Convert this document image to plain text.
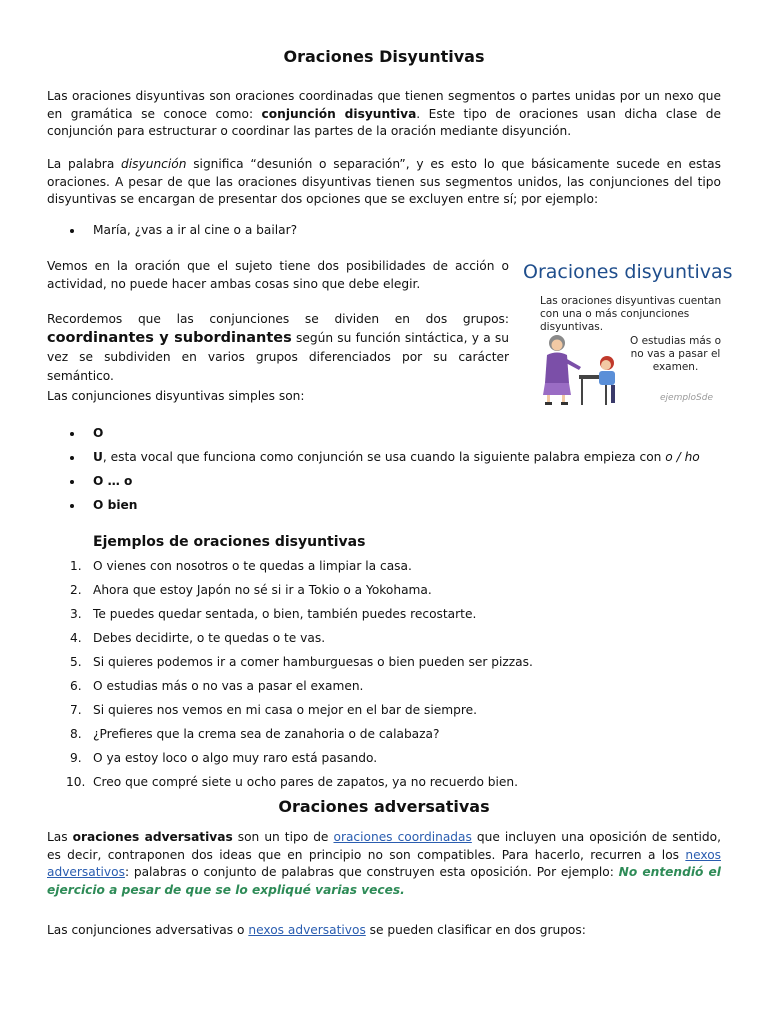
Oraciones Disyuntivas

Las oraciones disyuntivas son oraciones coordinadas que tienen segmentos o partes unidas por un nexo que en gramática se conoce como: conjunción disyuntiva. Este tipo de oraciones usan dicha clase de conjunción para estructurar o coordinar las partes de la oración mediante disyunción.

La palabra disyunción significa “desunión o separación”, y es esto lo que básicamente sucede en estas oraciones. A pesar de que las oraciones disyuntivas tienen sus segmentos unidos, las conjunciones del tipo disyuntivas se encargan de presentar dos opciones que se excluyen entre sí; por ejemplo:

María, ¿vas a ir al cine o a bailar?

Vemos en la oración que el sujeto tiene dos posibilidades de acción o actividad, no puede hacer ambas cosas sino que debe elegir.

Recordemos que las conjunciones se dividen en dos grupos: coordinantes y subordinantes según su función sintáctica, y a su vez se subdividen en varios grupos diferenciados por su carácter semántico.

Las conjunciones disyuntivas simples son:

O
U, esta vocal que funciona como conjunción se usa cuando la siguiente palabra empieza con o / ho
O … o
O bien
Ejemplos de oraciones disyuntivas
1. O vienes con nosotros o te quedas a limpiar la casa.
2. Ahora que estoy Japón no sé si ir a Tokio o a Yokohama.
3. Te puedes quedar sentada, o bien, también puedes recostarte.
4. Debes decidirte, o te quedas o te vas.
5. Si quieres podemos ir a comer hamburguesas o bien pueden ser pizzas.
6. O estudias más o no vas a pasar el examen.
7. Si quieres nos vemos en mi casa o mejor en el bar de siempre.
8. ¿Prefieres que la crema sea de zanahoria o de calabaza?
9. O ya estoy loco o algo muy raro está pasando.
10. Creo que compré siete u ocho pares de zapatos, ya no recuerdo bien.
Oraciones adversativas

Las oraciones adversativas son un tipo de oraciones coordinadas que incluyen una oposición de sentido, es decir, contraponen dos ideas que en principio no son compatibles. Para hacerlo, recurren a los nexos adversativos: palabras o conjunto de palabras que construyen esta oposición. Por ejemplo: No entendió el ejercicio a pesar de que se lo expliqué varias veces.

Las conjunciones adversativas o nexos adversativos se pueden clasificar en dos grupos:

Oraciones disyuntivas
Las oraciones disyuntivas cuentan con una o más conjunciones disyuntivas.
O estudias más o no vas a pasar el examen.
ejemploSde
